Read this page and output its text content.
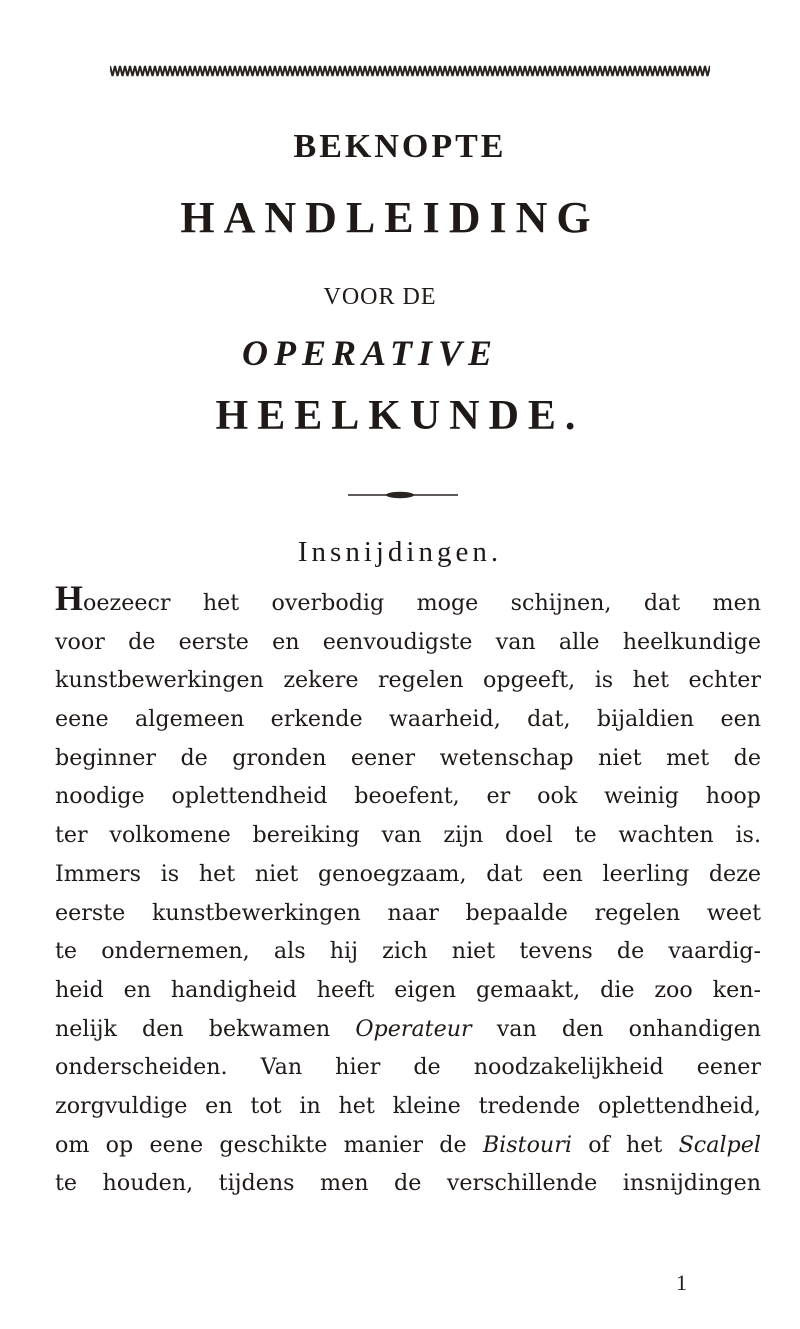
BEKNOPTE
HANDLEIDING
VOOR DE
OPERATIVE
HEELKUNDE.
Insnijdingen.
Hoezeecr het overbodig moge schijnen, dat men
voor de eerste en eenvoudigste van alle heelkundige
kunstbewerkingen zekere regelen opgeeft, is het echter
eene algemeen erkende waarheid, dat, bijaldien een
beginner de gronden eener wetenschap niet met de
noodige oplettendheid beoefent, er ook weinig hoop
ter volkomene bereiking van zijn doel te wachten is.
Immers is het niet genoegzaam, dat een leerling deze
eerste kunstbewerkingen naar bepaalde regelen weet
te ondernemen, als hij zich niet tevens de vaardig-
heid en handigheid heeft eigen gemaakt, die zoo ken-
nelijk den bekwamen Operateur van den onhandigen
onderscheiden. Van hier de noodzakelijkheid eener
zorgvuldige en tot in het kleine tredende oplettendheid,
om op eene geschikte manier de Bistouri of het Scalpel
te houden, tijdens men de verschillende insnijdingen
1
